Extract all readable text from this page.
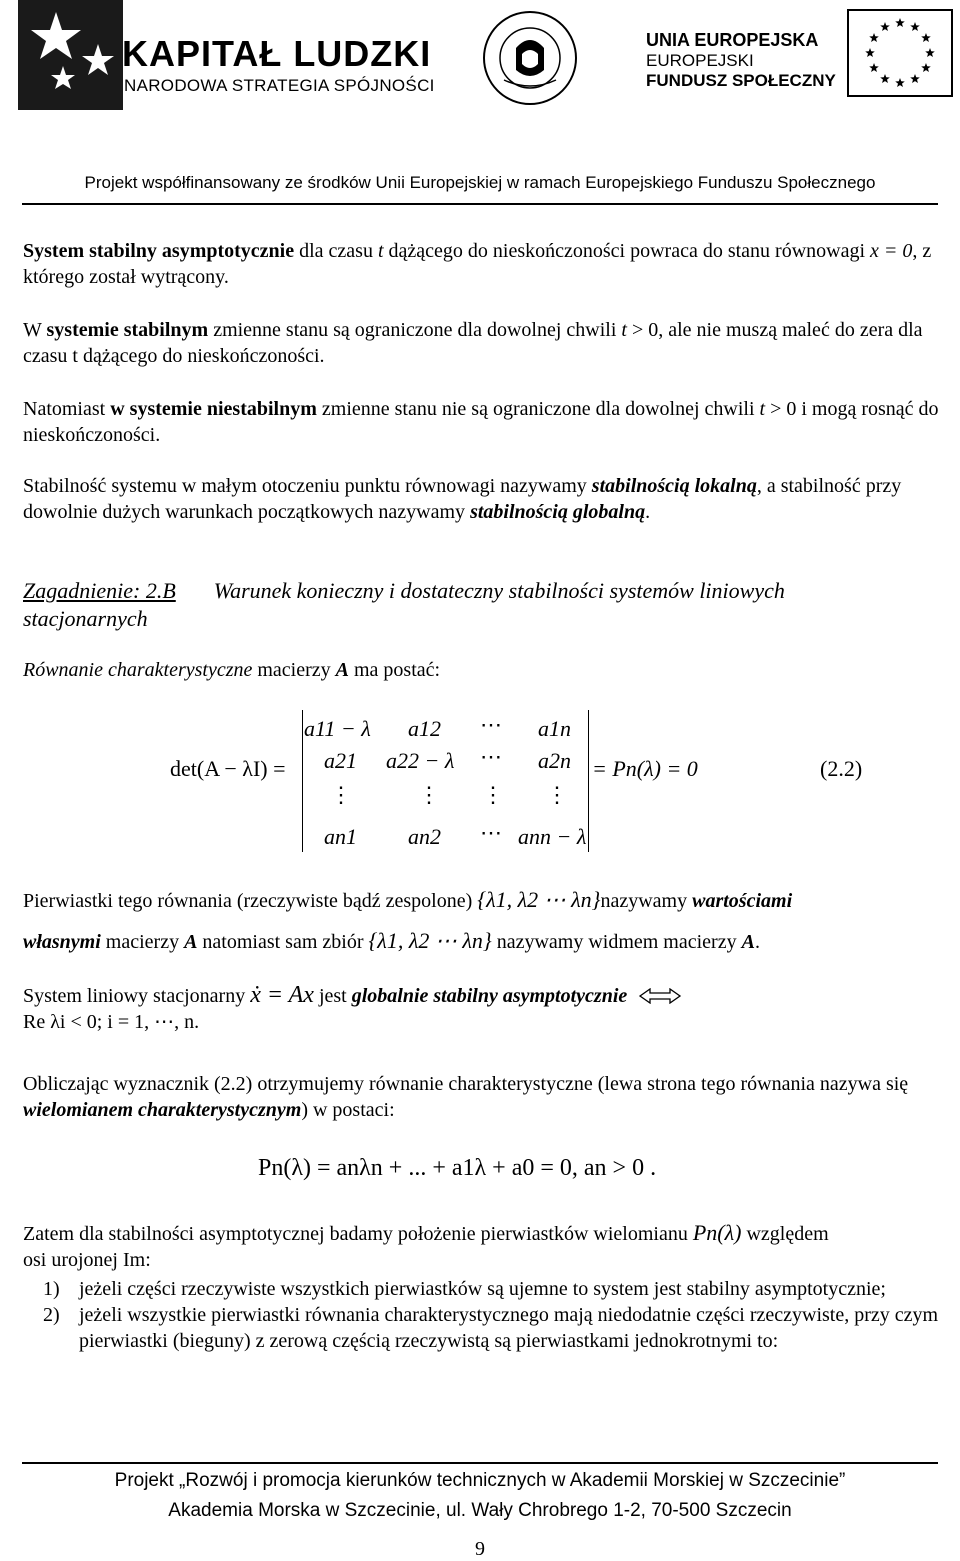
KAPITAŁ LUDZKI
NARODOWA STRATEGIA SPÓJNOŚCI
UNIA EUROPEJSKA
EUROPEJSKI
FUNDUSZ SPOŁECZNY
Projekt współfinansowany ze środków Unii Europejskiej w ramach Europejskiego Funduszu Społecznego

System stabilny asymptotycznie dla czasu t dążącego do nieskończoności powraca do stanu równowagi x = 0, z którego został wytrącony.

W systemie stabilnym zmienne stanu są ograniczone dla dowolnej chwili t > 0, ale nie muszą maleć do zera dla czasu t dążącego do nieskończoności.

Natomiast w systemie niestabilnym zmienne stanu nie są ograniczone dla dowolnej chwili t > 0 i mogą rosnąć do nieskończoności.

Stabilność systemu w małym otoczeniu punktu równowagi nazywamy stabilnością lokalną, a stabilność przy dowolnie dużych warunkach początkowych nazywamy stabilnością globalną.

Zagadnienie: 2.B Warunek konieczny i dostateczny stabilności systemów liniowych
stacjonarnych

Równanie charakterystyczne macierzy A ma postać:

det(A − λI) =
a11 − λ a12 ⋯ a1n
a21 a22 − λ ⋯ a2n
⋮	⋮ ⋮ ⋮
an1 an2 ⋯ ann − λ
= Pn(λ) = 0	(2.2)

Pierwiastki tego równania (rzeczywiste bądź zespolone) {λ1, λ2 ⋯ λn}nazywamy wartościami
własnymi macierzy A natomiast sam zbiór {λ1, λ2 ⋯ λn} nazywamy widmem macierzy A.

System liniowy stacjonarny ẋ = Ax jest globalnie stabilny asymptotycznie

Re λi < 0; i = 1, ⋯, n.

Obliczając wyznacznik (2.2) otrzymujemy równanie charakterystyczne (lewa strona tego równania nazywa się wielomianem charakterystycznym) w postaci:

Pn(λ) = anλn + ... + a1λ + a0 = 0, an > 0 .

Zatem dla stabilności asymptotycznej badamy położenie pierwiastków wielomianu Pn(λ) względem
osi urojonej Im:

1) jeżeli części rzeczywiste wszystkich pierwiastków są ujemne to system jest stabilny asymptotycznie;
2) jeżeli wszystkie pierwiastki równania charakterystycznego mają niedodatnie części rzeczywiste, przy czym pierwiastki (bieguny) z zerową częścią rzeczywistą są pierwiastkami jednokrotnymi to:
Projekt „Rozwój i promocja kierunków technicznych w Akademii Morskiej w Szczecinie”
Akademia Morska w Szczecinie, ul. Wały Chrobrego 1-2, 70-500 Szczecin
9
